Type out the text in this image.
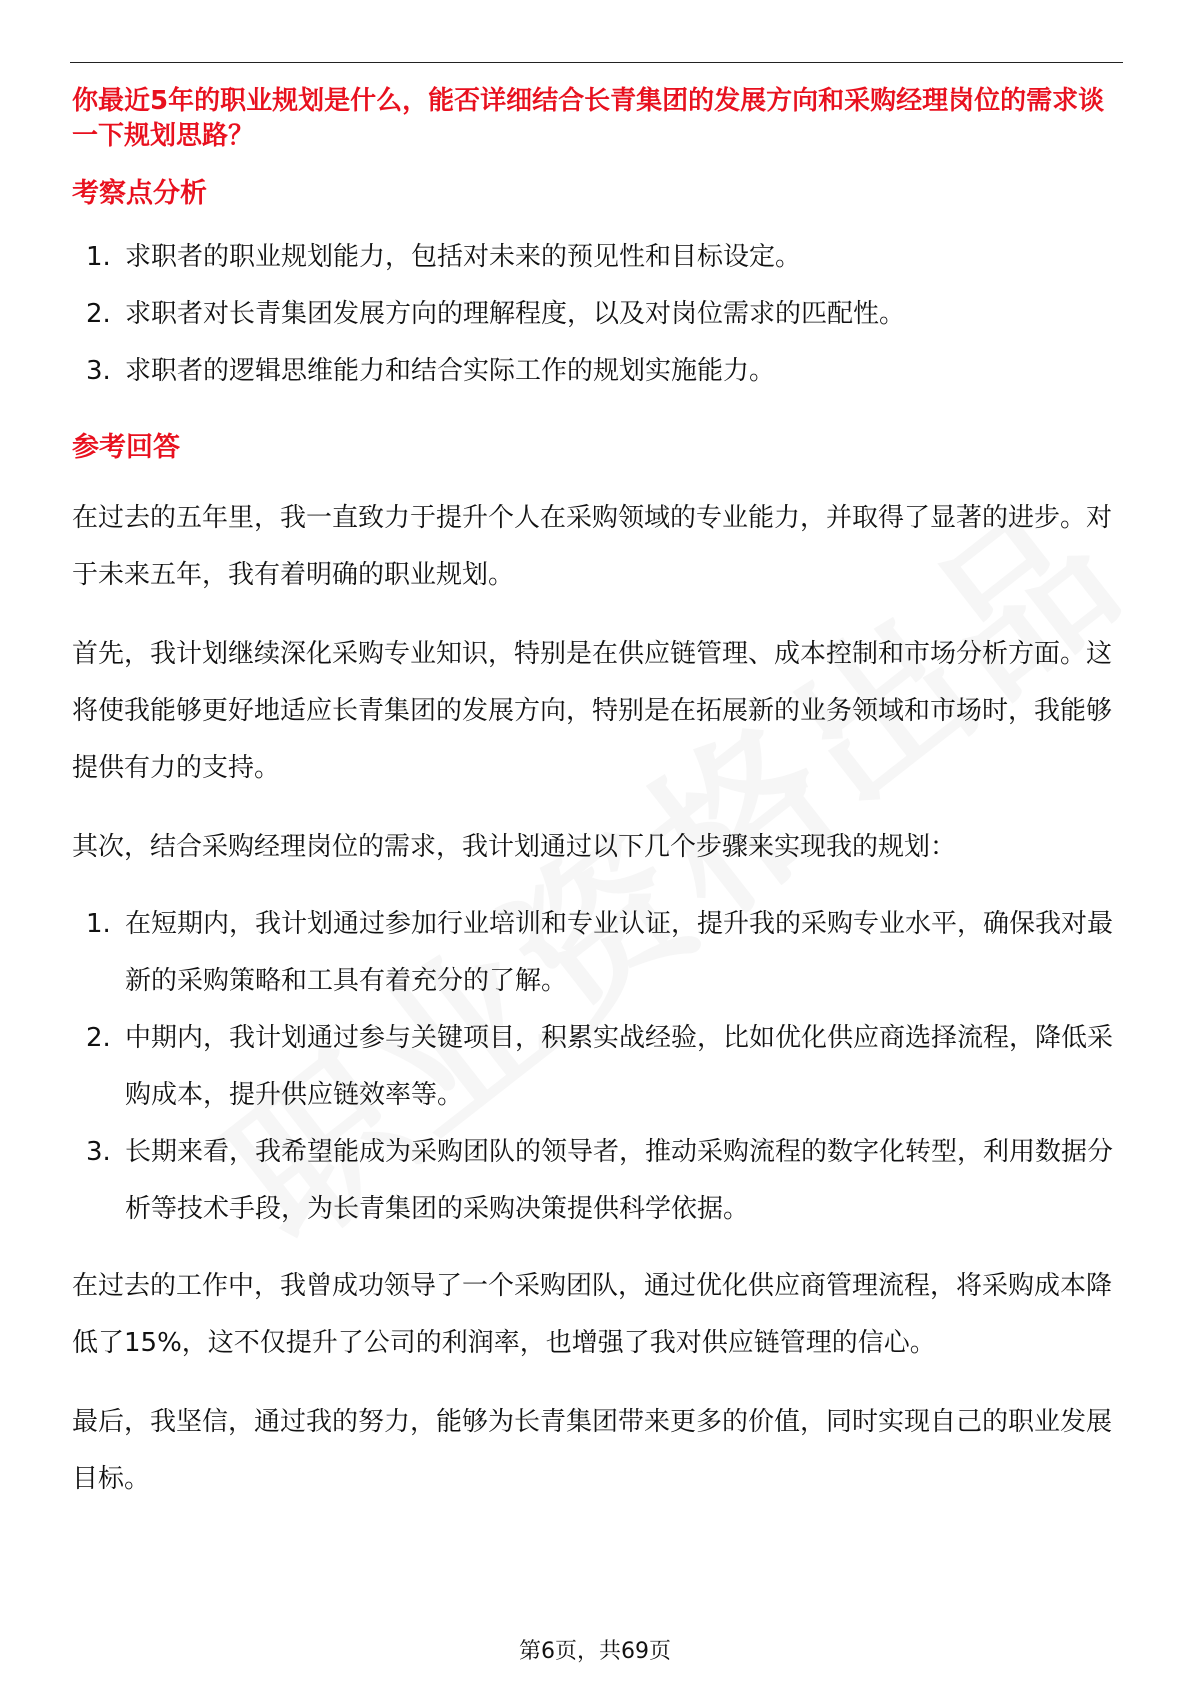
你最近5年的职业规划是什么，能否详细结合长青集团的发展方向和采购经理岗位的需求谈一下规划思路？

考察点分析
1. 求职者的职业规划能力，包括对未来的预见性和目标设定。
2. 求职者对长青集团发展方向的理解程度，以及对岗位需求的匹配性。
3. 求职者的逻辑思维能力和结合实际工作的规划实施能力。
参考回答

在过去的五年里，我一直致力于提升个人在采购领域的专业能力，并取得了显著的进步。对于未来五年，我有着明确的职业规划。

首先，我计划继续深化采购专业知识，特别是在供应链管理、成本控制和市场分析方面。这将使我能够更好地适应长青集团的发展方向，特别是在拓展新的业务领域和市场时，我能够提供有力的支持。

其次，结合采购经理岗位的需求，我计划通过以下几个步骤来实现我的规划：

1. 在短期内，我计划通过参加行业培训和专业认证，提升我的采购专业水平，确保我对最新的采购策略和工具有着充分的了解。
2. 中期内，我计划通过参与关键项目，积累实战经验，比如优化供应商选择流程，降低采购成本，提升供应链效率等。
3. 长期来看，我希望能成为采购团队的领导者，推动采购流程的数字化转型，利用数据分析等技术手段，为长青集团的采购决策提供科学依据。

在过去的工作中，我曾成功领导了一个采购团队，通过优化供应商管理流程，将采购成本降低了15%，这不仅提升了公司的利润率，也增强了我对供应链管理的信心。

最后，我坚信，通过我的努力，能够为长青集团带来更多的价值，同时实现自己的职业发展目标。

第6页，共69页
